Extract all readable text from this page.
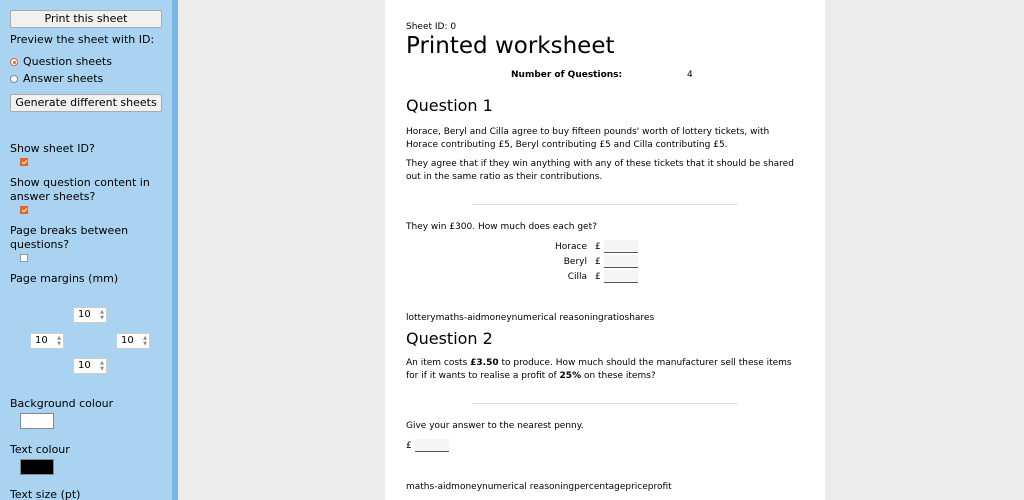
Print this sheet
Preview the sheet with ID:
Question sheets
Answer sheets
Generate different sheets
Show sheet ID?
Show question content in answer sheets?
Page breaks between questions?
Page margins (mm)
10 ▲
▼
10 ▲
▼	10 ▲
▼
10 ▲
▼
Background colour
Text colour
Text size (pt)
Sheet ID: 0
Printed worksheet
Number of Questions:	4
Question 1
Horace, Beryl and Cilla agree to buy fifteen pounds' worth of lottery tickets, with Horace contributing £5, Beryl contributing £5 and Cilla contributing £5.
They agree that if they win anything with any of these tickets that it should be shared out in the same ratio as their contributions.
They win £300. How much does each get?
Horace £
Beryl £
Cilla £
lotterymaths-aidmoneynumerical reasoningratioshares
Question 2
An item costs £3.50 to produce. How much should the manufacturer sell these items for if it wants to realise a profit of 25% on these items?
Give your answer to the nearest penny.
£
maths-aidmoneynumerical reasoningpercentagepriceprofit
